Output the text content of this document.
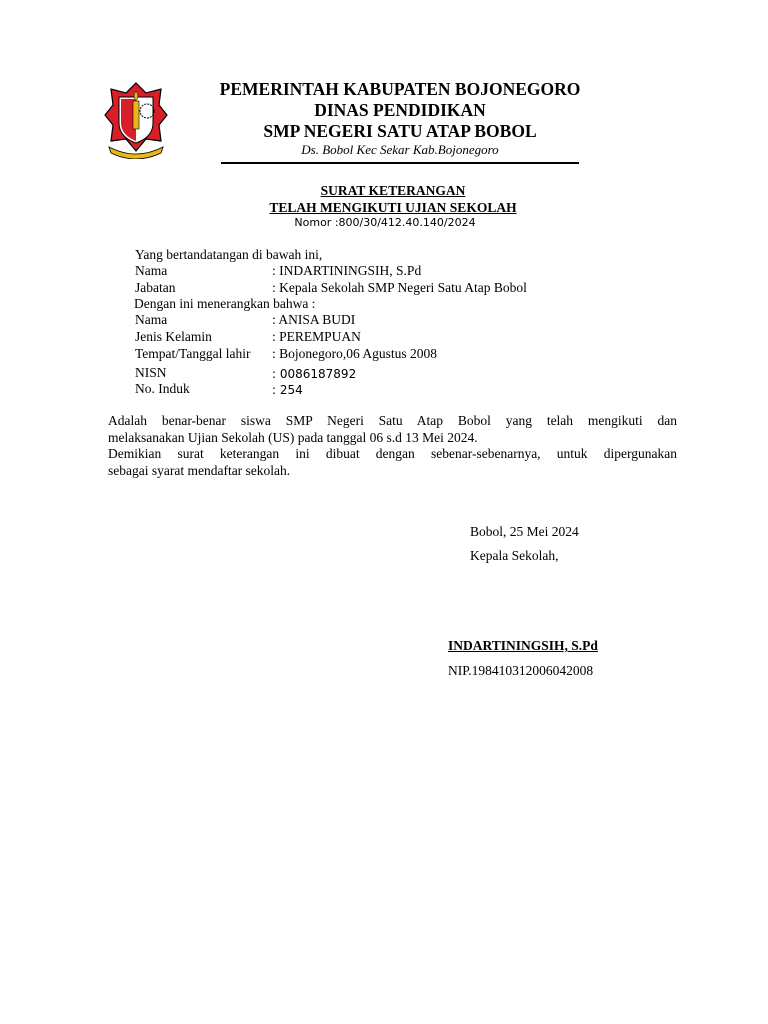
PEMERINTAH KABUPATEN BOJONEGORO
DINAS PENDIDIKAN
SMP NEGERI SATU ATAP BOBOL
Ds. Bobol Kec Sekar Kab.Bojonegoro
SURAT KETERANGAN
TELAH MENGIKUTI UJIAN SEKOLAH
Nomor :800/30/412.40.140/2024
Yang bertandatangan di bawah ini,
Nama	: INDARTININGSIH, S.Pd
Jabatan	: Kepala Sekolah SMP Negeri Satu Atap Bobol
Dengan ini menerangkan bahwa :
Nama	: ANISA BUDI
Jenis Kelamin	: PEREMPUAN
Tempat/Tanggal lahir : Bojonegoro,06 Agustus 2008
NISN	: 0086187892
No. Induk	: 254
Adalah benar-benar siswa SMP Negeri Satu Atap Bobol yang telah mengikuti dan
melaksanakan Ujian Sekolah (US) pada tanggal 06 s.d 13 Mei 2024.
Demikian surat keterangan ini dibuat dengan sebenar-sebenarnya, untuk dipergunakan
sebagai syarat mendaftar sekolah.
Bobol, 25 Mei 2024
Kepala Sekolah,
INDARTININGSIH, S.Pd
NIP.198410312006042008
